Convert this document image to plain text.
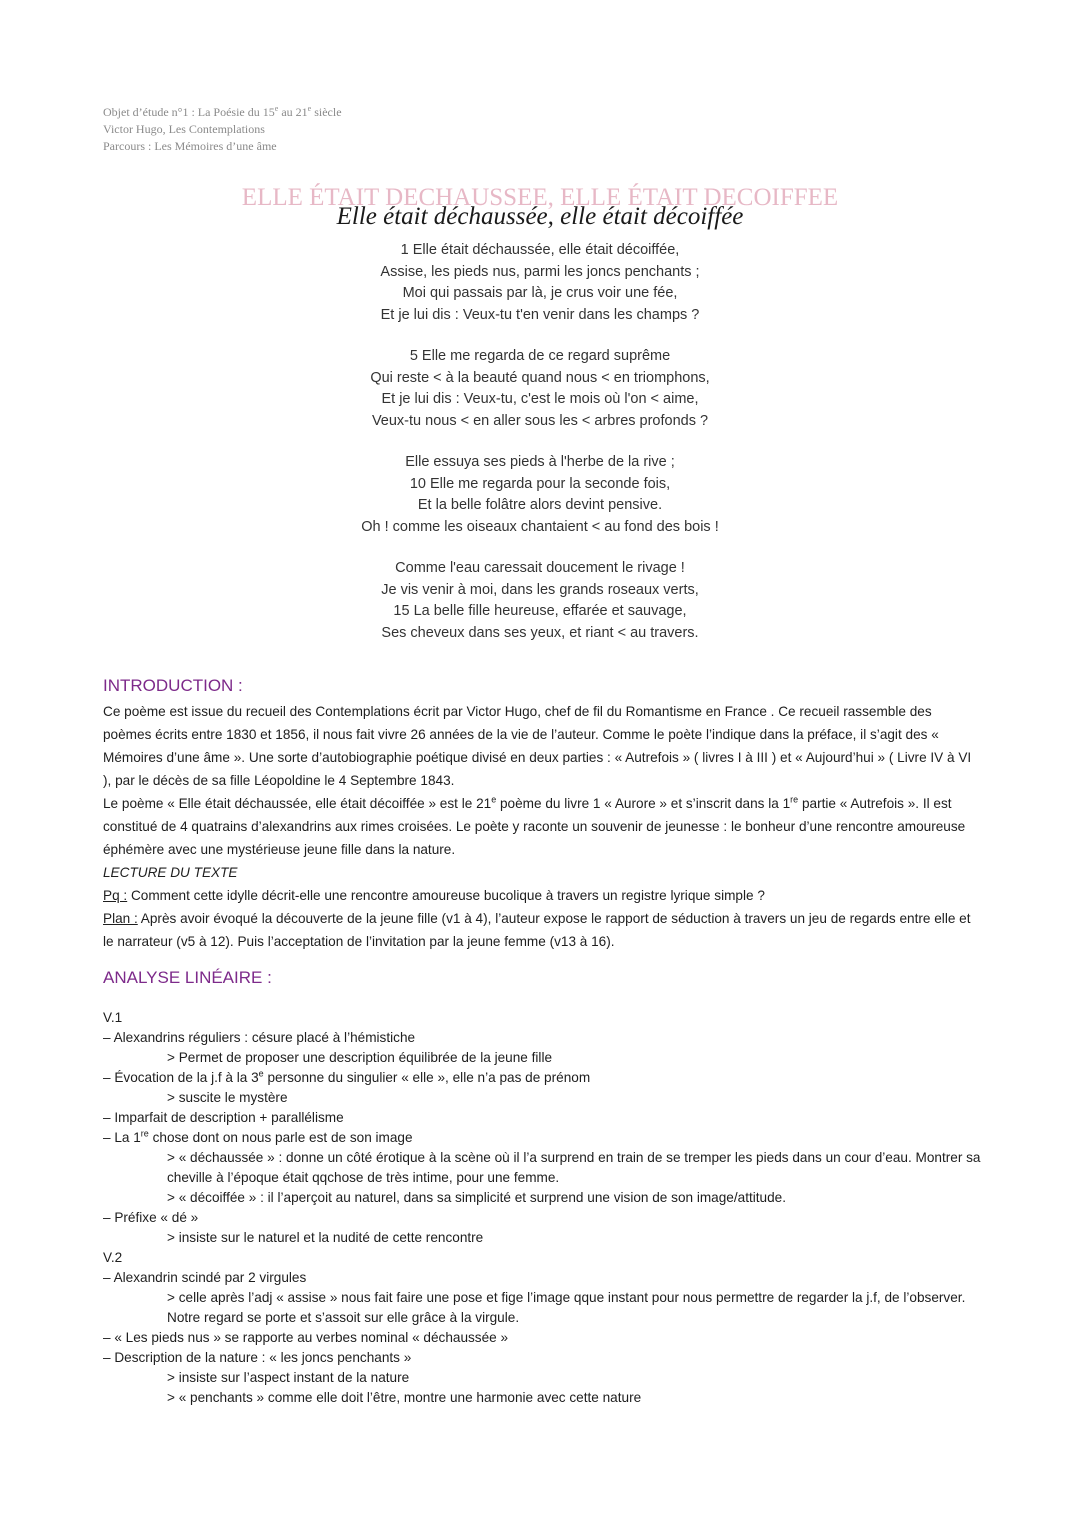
Objet d’étude n°1 : La Poésie du 15e au 21e siècle
Victor Hugo, Les Contemplations
Parcours : Les Mémoires d’une âme
ELLE ÉTAIT DECHAUSSEE, ELLE ÉTAIT DECOIFFEE
Elle était déchaussée, elle était décoiffée
1 Elle était déchaussée, elle était décoiffée,
Assise, les pieds nus, parmi les joncs penchants ;
Moi qui passais par là, je crus voir une fée,
Et je lui dis : Veux-tu t'en venir dans les champs ?
5 Elle me regarda de ce regard suprême
Qui reste < à la beauté quand nous < en triomphons,
Et je lui dis : Veux-tu, c'est le mois où l'on < aime,
Veux-tu nous < en aller sous les < arbres profonds ?
Elle essuya ses pieds à l'herbe de la rive ;
10 Elle me regarda pour la seconde fois,
Et la belle folâtre alors devint pensive.
Oh ! comme les oiseaux chantaient < au fond des bois !
Comme l'eau caressait doucement le rivage !
Je vis venir à moi, dans les grands roseaux verts,
15 La belle fille heureuse, effarée et sauvage,
Ses cheveux dans ses yeux, et riant < au travers.
INTRODUCTION :

Ce poème est issue du recueil des Contemplations écrit par Victor Hugo, chef de fil du Romantisme en France . Ce recueil rassemble des poèmes écrits entre 1830 et 1856, il nous fait vivre 26 années de la vie de l’auteur. Comme le poète l’indique dans la préface, il s’agit des « Mémoires d’une âme ». Une sorte d’autobiographie poétique divisé en deux parties : « Autrefois » ( livres I à III ) et « Aujourd’hui » ( Livre IV à VI ), par le décès de sa fille Léopoldine le 4 Septembre 1843.

Le poème « Elle était déchaussée, elle était décoiffée » est le 21e poème du livre 1 « Aurore » et s’inscrit dans la 1re partie « Autrefois ». Il est constitué de 4 quatrains d’alexandrins aux rimes croisées. Le poète y raconte un souvenir de jeunesse : le bonheur d’une rencontre amoureuse éphémère avec une mystérieuse jeune fille dans la nature.

LECTURE DU TEXTE

Pq : Comment cette idylle décrit-elle une rencontre amoureuse bucolique à travers un registre lyrique simple ?

Plan : Après avoir évoqué la découverte de la jeune fille (v1 à 4), l’auteur expose le rapport de séduction à travers un jeu de regards entre elle et le narrateur (v5 à 12). Puis l’acceptation de l’invitation par la jeune femme (v13 à 16).

ANALYSE LINÉAIRE :
V.1
– Alexandrins réguliers : césure placé à l’hémistiche
> Permet de proposer une description équilibrée de la jeune fille
– Évocation de la j.f à la 3e personne du singulier « elle », elle n’a pas de prénom
> suscite le mystère
– Imparfait de description + parallélisme
– La 1re chose dont on nous parle est de son image
> « déchaussée » : donne un côté érotique à la scène où il l’a surprend en train de se tremper les pieds dans un cour d’eau. Montrer sa cheville à l’époque était qqchose de très intime, pour une femme.
> « décoiffée » : il l’aperçoit au naturel, dans sa simplicité et surprend une vision de son image/attitude.
– Préfixe « dé »
> insiste sur le naturel et la nudité de cette rencontre
V.2
– Alexandrin scindé par 2 virgules
> celle après l’adj « assise » nous fait faire une pose et fige l’image qque instant pour nous permettre de regarder la j.f, de l’observer. Notre regard se porte et s’assoit sur elle grâce à la virgule.
– « Les pieds nus » se rapporte au verbes nominal « déchaussée »
– Description de la nature : « les joncs penchants »
> insiste sur l’aspect instant de la nature
> « penchants » comme elle doit l’être, montre une harmonie avec cette nature
